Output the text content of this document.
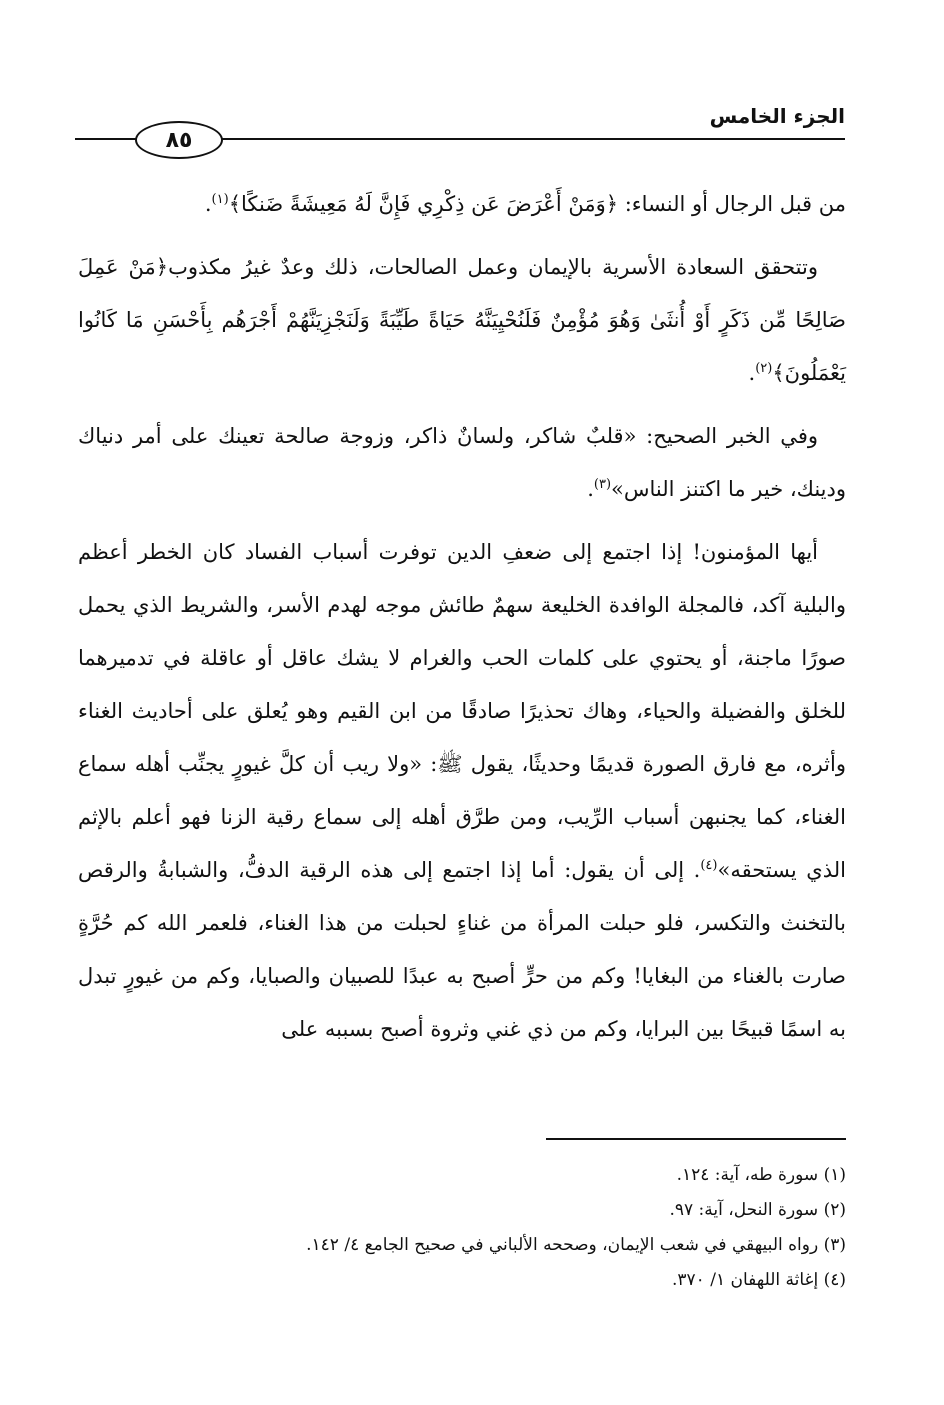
الجزء الخامس
٨٥

من قبل الرجال أو النساء: ﴿وَمَنْ أَعْرَضَ عَن ذِكْرِي فَإِنَّ لَهُ مَعِيشَةً ضَنكًا﴾$^{(١)}$.

وتتحقق السعادة الأسرية بالإيمان وعمل الصالحات، ذلك وعدٌ غيرُ مكذوب﴿مَنْ عَمِلَ صَالِحًا مِّن ذَكَرٍ أَوْ أُنثَىٰ وَهُوَ مُؤْمِنٌ فَلَنُحْيِيَنَّهُ حَيَاةً طَيِّبَةً وَلَنَجْزِيَنَّهُمْ أَجْرَهُم بِأَحْسَنِ مَا كَانُوا يَعْمَلُونَ﴾$^{(٢)}$.

وفي الخبر الصحيح: «قلبٌ شاكر، ولسانٌ ذاكر، وزوجة صالحة تعينك على أمر دنياك ودينك، خير ما اكتنز الناس»$^{(٣)}$.

أيها المؤمنون! إذا اجتمع إلى ضعفِ الدين توفرت أسباب الفساد كان الخطر أعظم والبلية آكد، فالمجلة الوافدة الخليعة سهمٌ طائش موجه لهدم الأسر، والشريط الذي يحمل صورًا ماجنة، أو يحتوي على كلمات الحب والغرام لا يشك عاقل أو عاقلة في تدميرهما للخلق والفضيلة والحياء، وهاك تحذيرًا صادقًا من ابن القيم وهو يُعلق على أحاديث الغناء وأثره، مع فارق الصورة قديمًا وحديثًا، يقول ﷺ: «ولا ريب أن كلَّ غيورٍ يجنِّب أهله سماع الغناء، كما يجنبهن أسباب الرِّيب، ومن طرَّق أهله إلى سماع رقية الزنا فهو أعلم بالإثم الذي يستحقه»$^{(٤)}$. إلى أن يقول: أما إذا اجتمع إلى هذه الرقية الدفُّ، والشبابةُ والرقص بالتخنث والتكسر، فلو حبلت المرأة من غناءٍ لحبلت من هذا الغناء، فلعمر الله كم حُرَّةٍ صارت بالغناء من البغايا! وكم من حرٍّ أصبح به عبدًا للصبيان والصبايا، وكم من غيورٍ تبدل به اسمًا قبيحًا بين البرايا، وكم من ذي غني وثروة أصبح بسببه على

(١) سورة طه، آية: ١٢٤.

(٢) سورة النحل، آية: ٩٧.

(٣) رواه البيهقي في شعب الإيمان، وصححه الألباني في صحيح الجامع ٤/ ١٤٢.

(٤) إغاثة اللهفان ١/ ٣٧٠.
